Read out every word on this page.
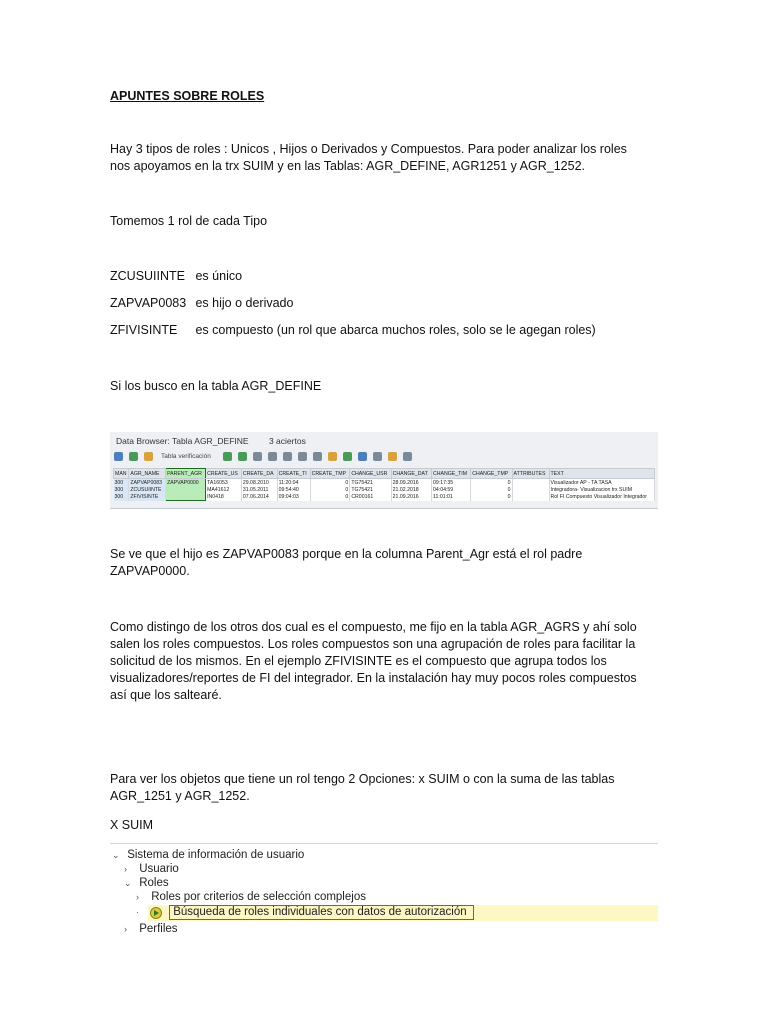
APUNTES SOBRE ROLES

Hay 3 tipos de roles : Unicos , Hijos o Derivados y Compuestos. Para poder analizar los roles nos apoyamos en la trx SUIM y en las Tablas: AGR_DEFINE, AGR1251 y AGR_1252.

Tomemos 1 rol de cada Tipo

ZCUSUIINTE es único
ZAPVAP0083 es hijo o derivado
ZFIVISINTE es compuesto (un rol que abarca muchos roles, solo se le agegan roles)

Si los busco en la tabla AGR_DEFINE

Data Browser: Tabla AGR_DEFINE 3 aciertos
Tabla verificación
MAN	AGR_NAME	PARENT_AGR	CREATE_US	CREATE_DA	CREATE_TI	CREATE_TMP	CHANGE_USR	CHANGE_DAT	CHANGE_TIM	CHANGE_TMP	ATTRIBUTES	TEXT
300	ZAPVAP0083	ZAPVAP0000	TA16053	29.08.2010	11:20:04	0	TG75421	28.09.2016	09:17:35	0		Visualizador AP - TA TASA
300	ZCUSUIINTE		MA41612	31.05.2011	09:54:40	0	TG75421	21.02.2018	04:04:59	0		Integradora- Visualizacion trx SUIM
300	ZFIVISINTE		IN0418	07.06.2014	09:04:03	0	CR00161	21.09.2016	11:01:01	0		Rol FI Compuesto Visualizador Integrador

Se ve que el hijo es ZAPVAP0083 porque en la columna Parent_Agr está el rol padre ZAPVAP0000.

Como distingo de los otros dos cual es el compuesto, me fijo en la tabla AGR_AGRS y ahí solo salen los roles compuestos. Los roles compuestos son una agrupación de roles para facilitar la solicitud de los mismos. En el ejemplo ZFIVISINTE es el compuesto que agrupa todos los visualizadores/reportes de FI del integrador. En la instalación hay muy pocos roles compuestos así que los saltearé.

Para ver los objetos que tiene un rol tengo 2 Opciones: x SUIM o con la suma de las tablas AGR_1251 y AGR_1252.

X SUIM

⌄ Sistema de información de usuario
› Usuario
⌄ Roles
› Roles por criterios de selección complejos
·	Búsqueda de roles individuales con datos de autorización
› Perfiles
